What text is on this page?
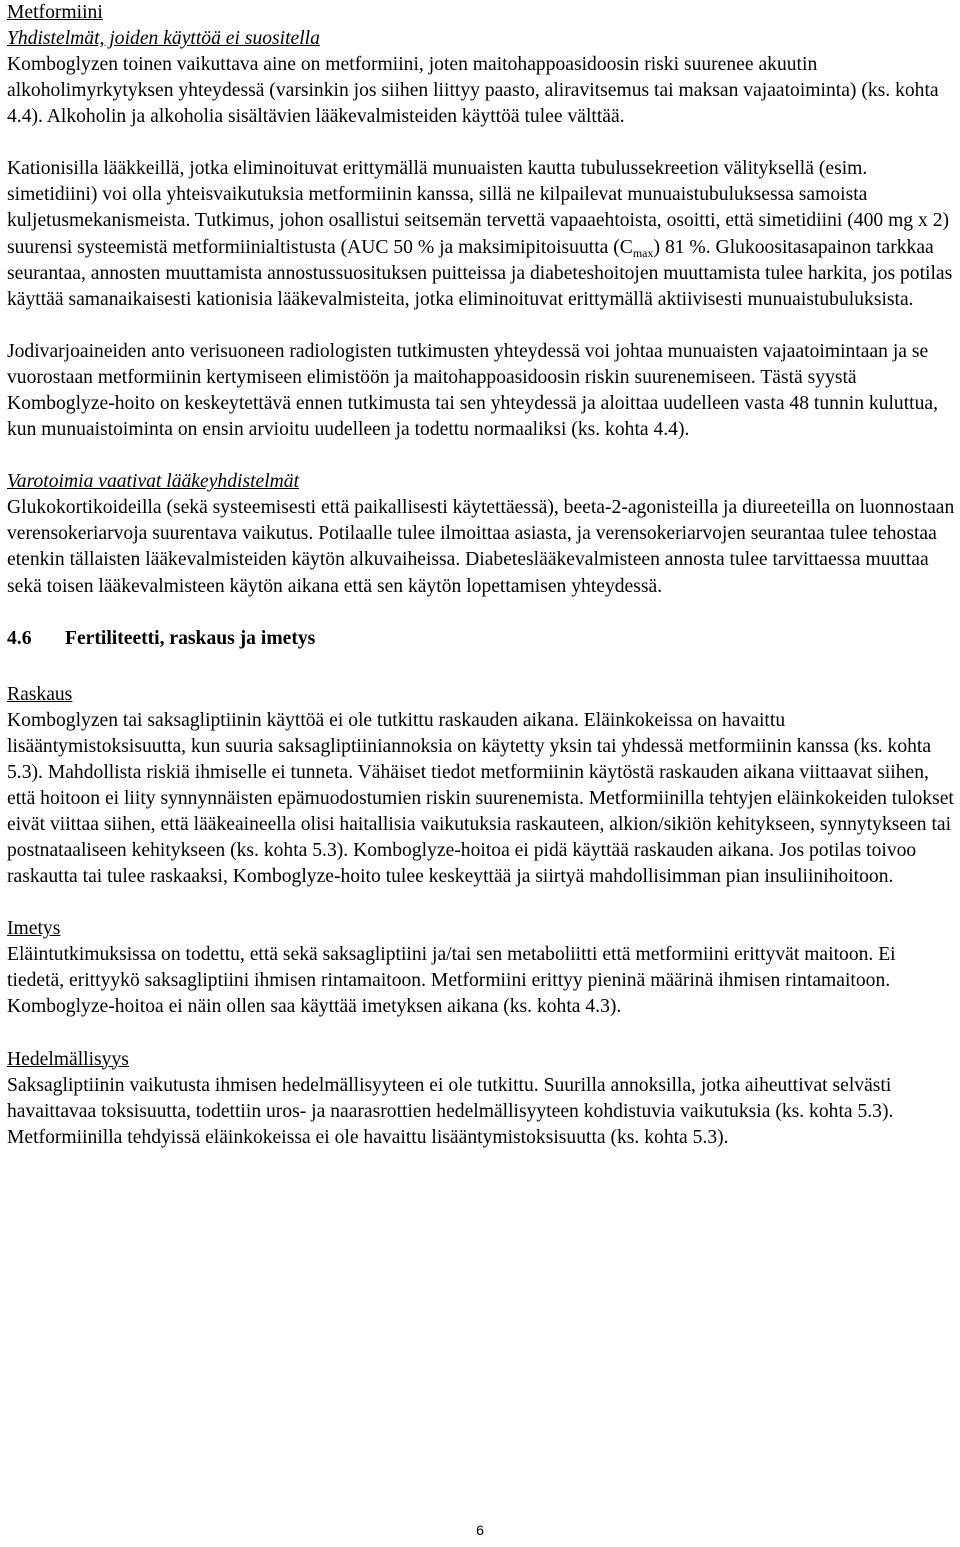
Metformiini
Yhdistelmät, joiden käyttöä ei suositella

Komboglyzen toinen vaikuttava aine on metformiini, joten maitohappoasidoosin riski suurenee akuutin alkoholimyrkytyksen yhteydessä (varsinkin jos siihen liittyy paasto, aliravitsemus tai maksan vajaatoiminta) (ks. kohta 4.4). Alkoholin ja alkoholia sisältävien lääkevalmisteiden käyttöä tulee välttää.

Kationisilla lääkkeillä, jotka eliminoituvat erittymällä munuaisten kautta tubulussekreetion välityksellä (esim. simetidiini) voi olla yhteisvaikutuksia metformiinin kanssa, sillä ne kilpailevat munuaistubuluksessa samoista kuljetusmekanismeista. Tutkimus, johon osallistui seitsemän tervettä vapaaehtoista, osoitti, että simetidiini (400 mg x 2) suurensi systeemistä metformiinialtistusta (AUC 50 % ja maksimipitoisuutta $(C_{max})$ 81 %. Glukoositasapainon tarkkaa seurantaa, annosten muuttamista annostussuosituksen puitteissa ja diabeteshoitojen muuttamista tulee harkita, jos potilas käyttää samanaikaisesti kationisia lääkevalmisteita, jotka eliminoituvat erittymällä aktiivisesti munuaistubuluksista.

Jodivarjoaineiden anto verisuoneen radiologisten tutkimusten yhteydessä voi johtaa munuaisten vajaatoimintaan ja se vuorostaan metformiinin kertymiseen elimistöön ja maitohappoasidoosin riskin suurenemiseen. Tästä syystä Komboglyze-hoito on keskeytettävä ennen tutkimusta tai sen yhteydessä ja aloittaa uudelleen vasta 48 tunnin kuluttua, kun munuaistoiminta on ensin arvioitu uudelleen ja todettu normaaliksi (ks. kohta 4.4).

Varotoimia vaativat lääkeyhdistelmät

Glukokortikoideilla (sekä systeemisesti että paikallisesti käytettäessä), beeta-2-agonisteilla ja diureeteilla on luonnostaan verensokeriarvoja suurentava vaikutus. Potilaalle tulee ilmoittaa asiasta, ja verensokeriarvojen seurantaa tulee tehostaa etenkin tällaisten lääkevalmisteiden käytön alkuvaiheissa. Diabeteslääkevalmisteen annosta tulee tarvittaessa muuttaa sekä toisen lääkevalmisteen käytön aikana että sen käytön lopettamisen yhteydessä.

4.6 Fertiliteetti, raskaus ja imetys
Raskaus

Komboglyzen tai saksagliptiinin käyttöä ei ole tutkittu raskauden aikana. Eläinkokeissa on havaittu lisääntymistoksisuutta, kun suuria saksagliptiiniannoksia on käytetty yksin tai yhdessä metformiinin kanssa (ks. kohta 5.3). Mahdollista riskiä ihmiselle ei tunneta. Vähäiset tiedot metformiinin käytöstä raskauden aikana viittaavat siihen, että hoitoon ei liity synnynnäisten epämuodostumien riskin suurenemista. Metformiinilla tehtyjen eläinkokeiden tulokset eivät viittaa siihen, että lääkeaineella olisi haitallisia vaikutuksia raskauteen, alkion/sikiön kehitykseen, synnytykseen tai postnataaliseen kehitykseen (ks. kohta 5.3). Komboglyze-hoitoa ei pidä käyttää raskauden aikana. Jos potilas toivoo raskautta tai tulee raskaaksi, Komboglyze-hoito tulee keskeyttää ja siirtyä mahdollisimman pian insuliinihoitoon.

Imetys

Eläintutkimuksissa on todettu, että sekä saksagliptiini ja/tai sen metaboliitti että metformiini erittyvät maitoon. Ei tiedetä, erittyykö saksagliptiini ihmisen rintamaitoon. Metformiini erittyy pieninä määrinä ihmisen rintamaitoon. Komboglyze-hoitoa ei näin ollen saa käyttää imetyksen aikana (ks. kohta 4.3).

Hedelmällisyys

Saksagliptiinin vaikutusta ihmisen hedelmällisyyteen ei ole tutkittu. Suurilla annoksilla, jotka aiheuttivat selvästi havaittavaa toksisuutta, todettiin uros- ja naarasrottien hedelmällisyyteen kohdistuvia vaikutuksia (ks. kohta 5.3). Metformiinilla tehdyissä eläinkokeissa ei ole havaittu lisääntymistoksisuutta (ks. kohta 5.3).

6
